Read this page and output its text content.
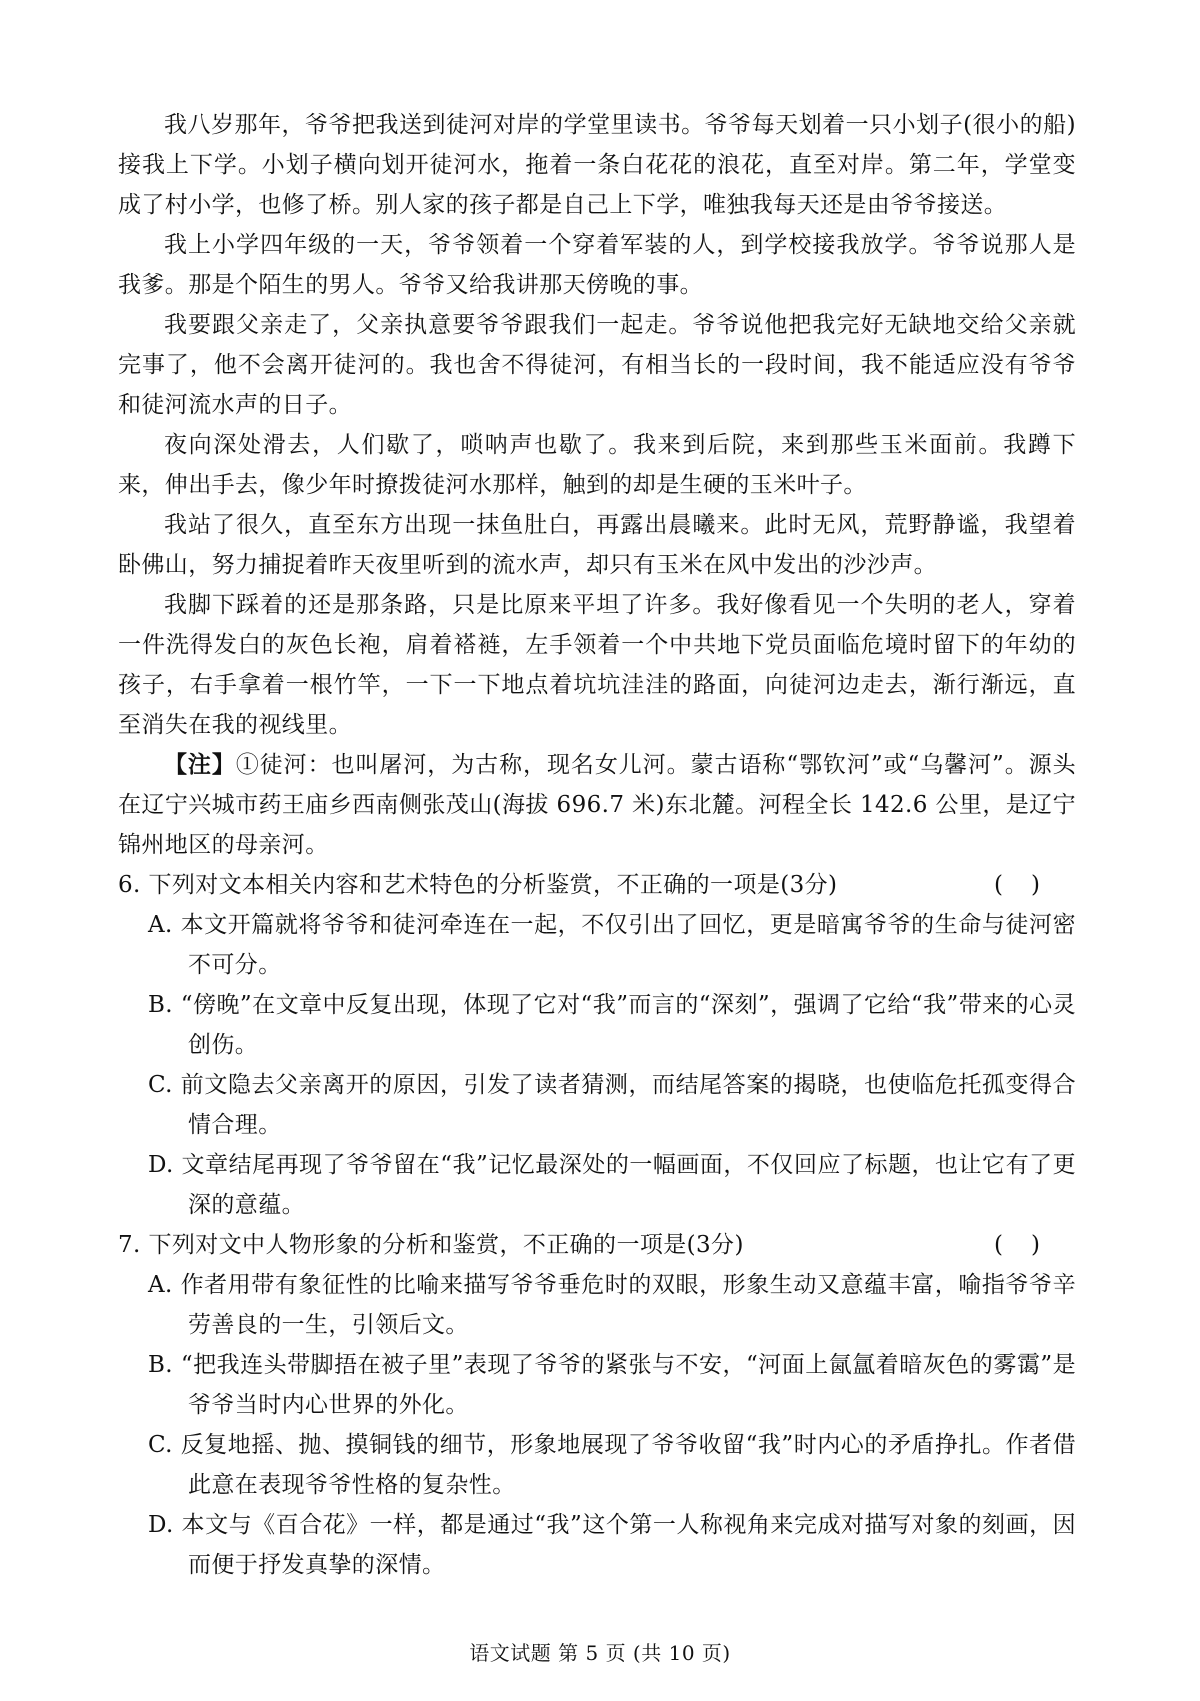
我八岁那年，爷爷把我送到徒河对岸的学堂里读书。爷爷每天划着一只小划子(很小的船)接我上下学。小划子横向划开徒河水，拖着一条白花花的浪花，直至对岸。第二年，学堂变成了村小学，也修了桥。别人家的孩子都是自己上下学，唯独我每天还是由爷爷接送。

我上小学四年级的一天，爷爷领着一个穿着军装的人，到学校接我放学。爷爷说那人是我爹。那是个陌生的男人。爷爷又给我讲那天傍晚的事。

我要跟父亲走了，父亲执意要爷爷跟我们一起走。爷爷说他把我完好无缺地交给父亲就完事了，他不会离开徒河的。我也舍不得徒河，有相当长的一段时间，我不能适应没有爷爷和徒河流水声的日子。

夜向深处滑去，人们歇了，唢呐声也歇了。我来到后院，来到那些玉米面前。我蹲下来，伸出手去，像少年时撩拨徒河水那样，触到的却是生硬的玉米叶子。

我站了很久，直至东方出现一抹鱼肚白，再露出晨曦来。此时无风，荒野静谧，我望着卧佛山，努力捕捉着昨天夜里听到的流水声，却只有玉米在风中发出的沙沙声。

我脚下踩着的还是那条路，只是比原来平坦了许多。我好像看见一个失明的老人，穿着一件洗得发白的灰色长袍，肩着褡裢，左手领着一个中共地下党员面临危境时留下的年幼的孩子，右手拿着一根竹竿，一下一下地点着坑坑洼洼的路面，向徒河边走去，渐行渐远，直至消失在我的视线里。

【注】①徒河：也叫屠河，为古称，现名女儿河。蒙古语称“鄂钦河”或“乌馨河”。源头在辽宁兴城市药王庙乡西南侧张茂山(海拔 696.7 米)东北麓。河程全长 142.6 公里，是辽宁锦州地区的母亲河。

6. 下列对文本相关内容和艺术特色的分析鉴赏，不正确的一项是(3分)	()

A. 本文开篇就将爷爷和徒河牵连在一起，不仅引出了回忆，更是暗寓爷爷的生命与徒河密不可分。

B. “傍晚”在文章中反复出现，体现了它对“我”而言的“深刻”，强调了它给“我”带来的心灵创伤。

C. 前文隐去父亲离开的原因，引发了读者猜测，而结尾答案的揭晓，也使临危托孤变得合情合理。

D. 文章结尾再现了爷爷留在“我”记忆最深处的一幅画面，不仅回应了标题，也让它有了更深的意蕴。

7. 下列对文中人物形象的分析和鉴赏，不正确的一项是(3分)	()

A. 作者用带有象征性的比喻来描写爷爷垂危时的双眼，形象生动又意蕴丰富，喻指爷爷辛劳善良的一生，引领后文。

B. “把我连头带脚捂在被子里”表现了爷爷的紧张与不安，“河面上氤氲着暗灰色的雾霭”是爷爷当时内心世界的外化。

C. 反复地摇、抛、摸铜钱的细节，形象地展现了爷爷收留“我”时内心的矛盾挣扎。作者借此意在表现爷爷性格的复杂性。

D. 本文与《百合花》一样，都是通过“我”这个第一人称视角来完成对描写对象的刻画，因而便于抒发真挚的深情。

语文试题 第 5 页 (共 10 页)
